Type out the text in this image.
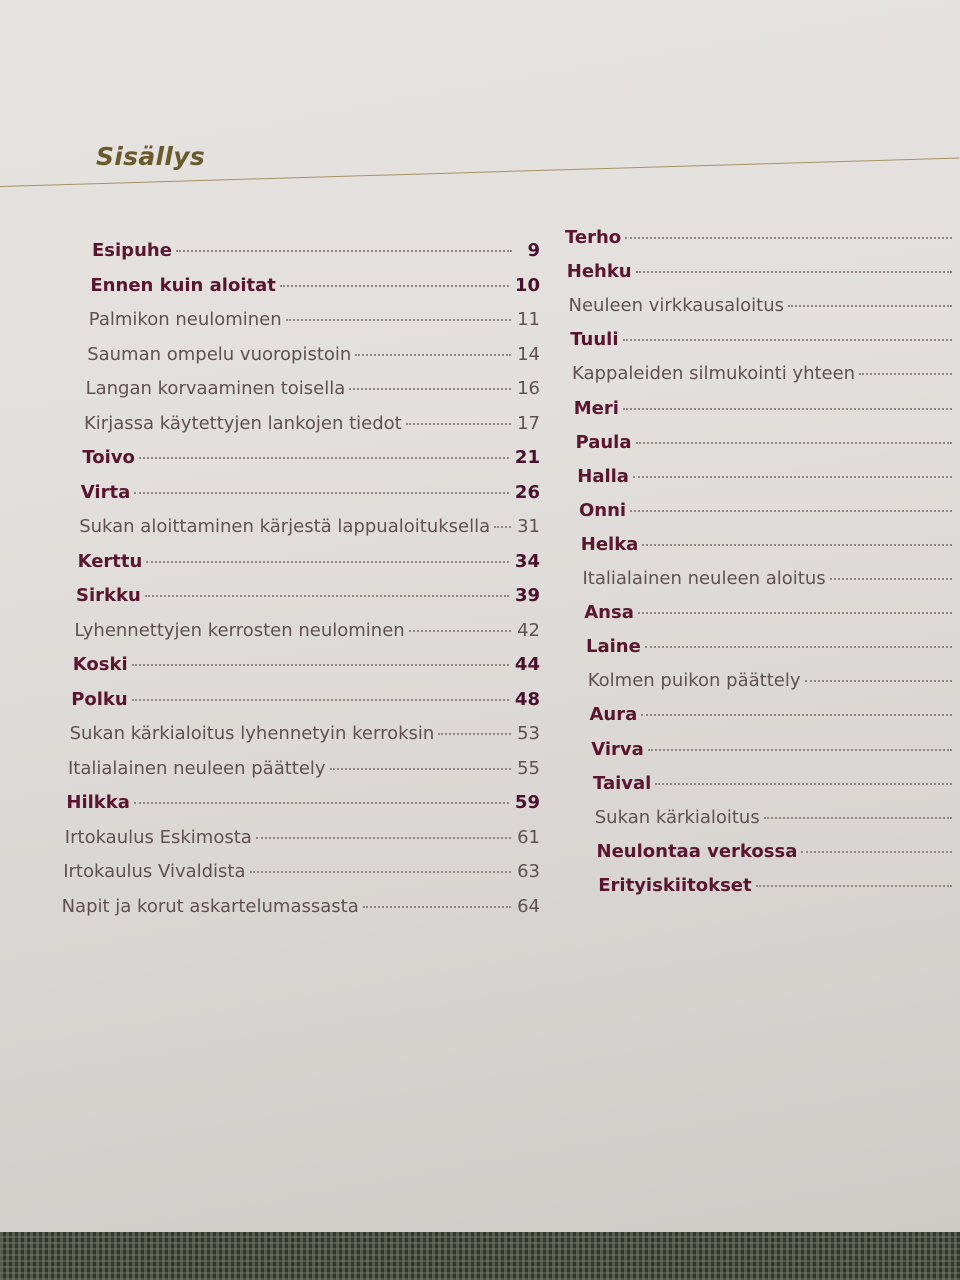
Sisällys
Esipuhe	9
Ennen kuin aloitat	10
Palmikon neulominen	11
Sauman ompelu vuoropistoin	14
Langan korvaaminen toisella	16
Kirjassa käytettyjen lankojen tiedot	17
Toivo	21
Virta	26
Sukan aloittaminen kärjestä lappualoituksella 31
Kerttu	34
Sirkku	39
Lyhennettyjen kerrosten neulominen	42
Koski	44
Polku	48
Sukan kärkialoitus lyhennetyin kerroksin	53
Italialainen neuleen päättely	55
Hilkka	59
Irtokaulus Eskimosta	61
Irtokaulus Vivaldista	63
Napit ja korut askartelumassasta	64
Terho
Hehku
Neuleen virkkausaloitus
Tuuli
Kappaleiden silmukointi yhteen
Meri
Paula
Halla
Onni
Helka
Italialainen neuleen aloitus
Ansa
Laine
Kolmen puikon päättely
Aura
Virva
Taival
Sukan kärkialoitus
Neulontaa verkossa
Erityiskiitokset
